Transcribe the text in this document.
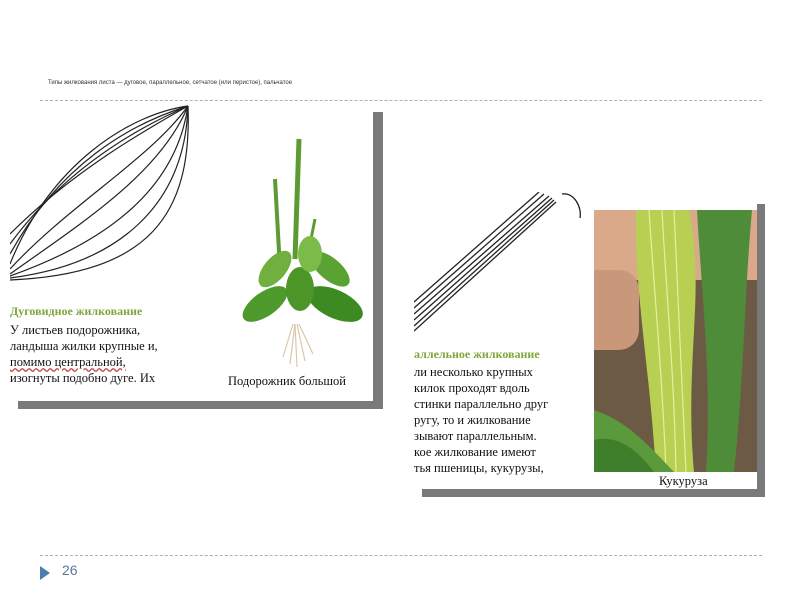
Типы жилкования листа — дуговое, параллельное, сетчатое (или перистое), пальчатое
Дуговидное жилкование
У листьев подорожника,
ландыша жилки крупные и,
помимо центральной,
изогнуты подобно дуге. Их	Подорожник большой
аллельное жилкование
ли несколько крупных
килок проходят вдоль
стинки параллельно друг
ругу, то и жилкование
зывают параллельным.
кое жилкование имеют
тья пшеницы, кукурузы,
Кукуруза
26
